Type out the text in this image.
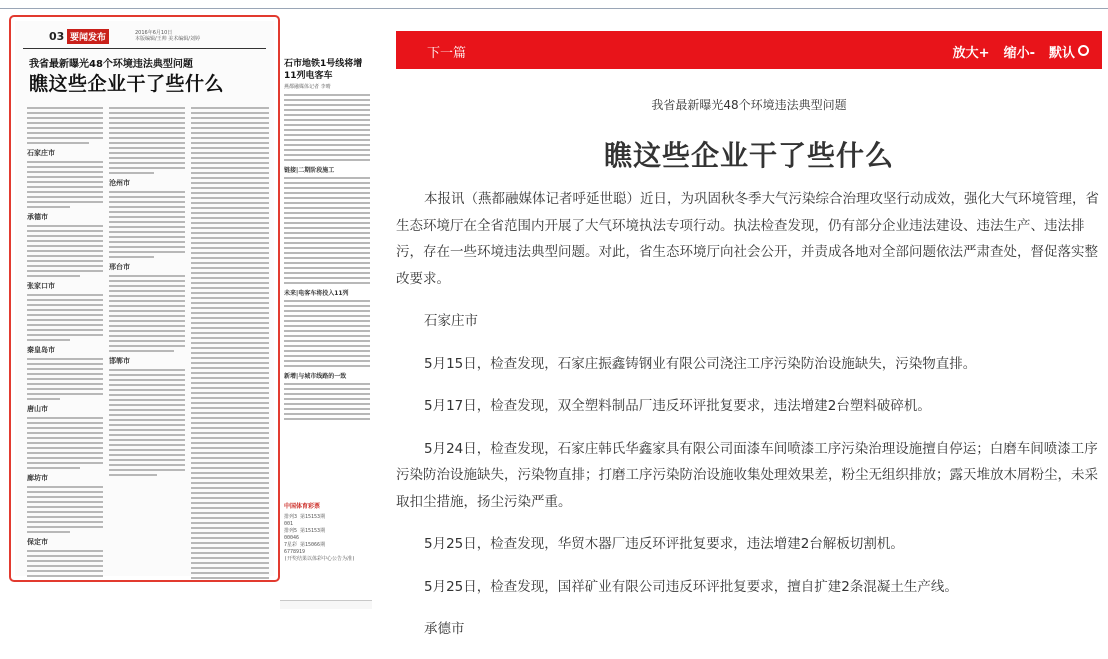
03 要闻发布	2016年6月10日
本版编辑/王帅 美术编辑/刘婷
我省最新曝光48个环境违法典型问题
瞧这些企业干了些什么
石家庄市
承德市
张家口市
秦皇岛市
唐山市
廊坊市
保定市
沧州市
邢台市
邯郸市
石市地铁1号线将增11列电客车
燕都融媒体记者 李晴
链接|二期阶段施工
未来|电客车将投入11列
新增|与城市线路的一致
中国体育彩票
排列3 第15153期
001
排列5 第15153期
00046
7星彩 第15066期
6778919
(开奖结果以体彩中心公告为准)
下一篇	放大+ 缩小- 默认
我省最新曝光48个环境违法典型问题
瞧这些企业干了些什么

本报讯（燕都融媒体记者呼延世聪）近日，为巩固秋冬季大气污染综合治理攻坚行动成效，强化大气环境管理，省生态环境厅在全省范围内开展了大气环境执法专项行动。执法检查发现，仍有部分企业违法建设、违法生产、违法排污，存在一些环境违法典型问题。对此，省生态环境厅向社会公开，并责成各地对全部问题依法严肃查处，督促落实整改要求。

石家庄市

5月15日，检查发现，石家庄振鑫铸钢业有限公司浇注工序污染防治设施缺失，污染物直排。

5月17日，检查发现，双全塑料制品厂违反环评批复要求，违法增建2台塑料破碎机。

5月24日，检查发现，石家庄韩氏华鑫家具有限公司面漆车间喷漆工序污染治理设施擅自停运；白磨车间喷漆工序污染防治设施缺失，污染物直排；打磨工序污染防治设施收集处理效果差，粉尘无组织排放；露天堆放木屑粉尘，未采取扣尘措施，扬尘污染严重。

5月25日，检查发现，华贸木器厂违反环评批复要求，违法增建2台解板切割机。

5月25日，检查发现，国祥矿业有限公司违反环评批复要求，擅自扩建2条混凝土生产线。

承德市
